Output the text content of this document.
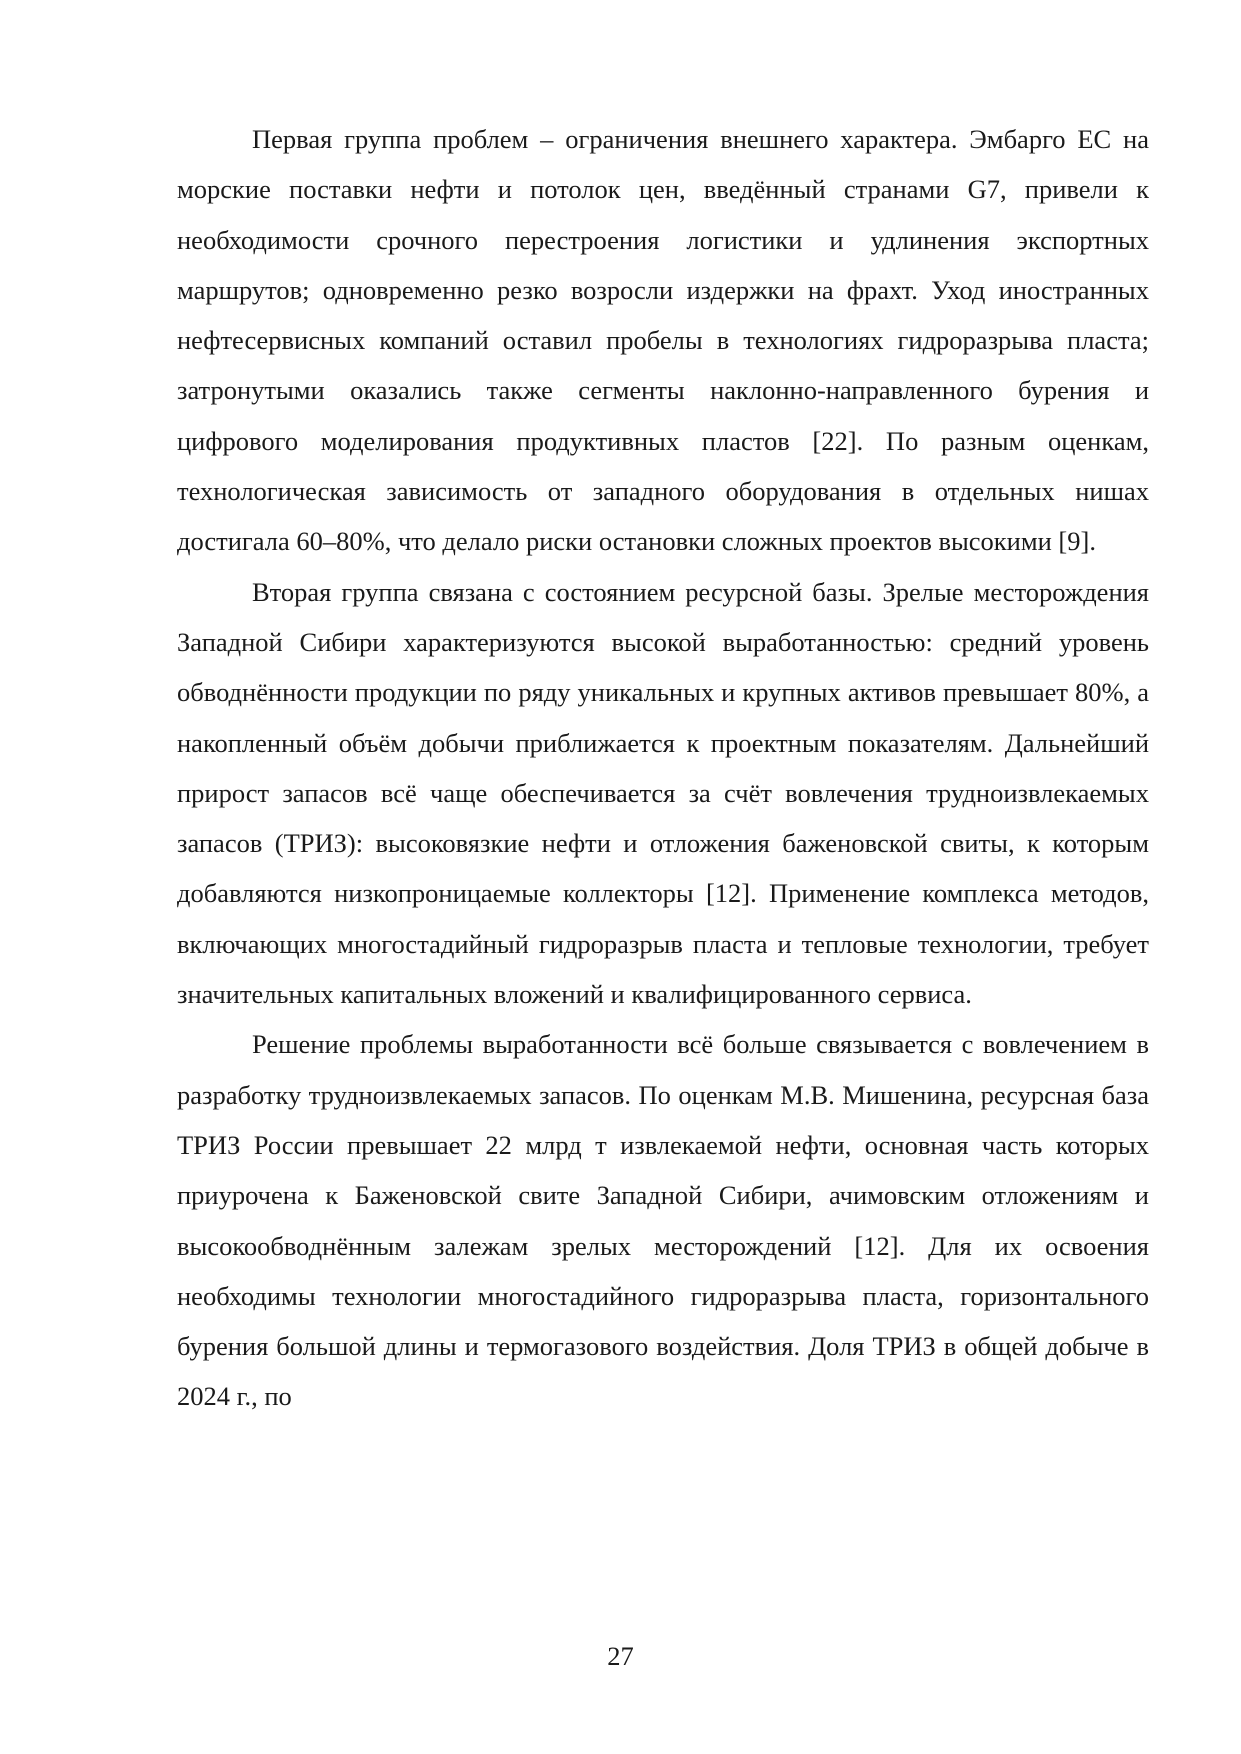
Первая группа проблем – ограничения внешнего характера. Эмбарго ЕС на морские поставки нефти и потолок цен, введённый странами G7, привели к необходимости срочного перестроения логистики и удлинения экспортных маршрутов; одновременно резко возросли издержки на фрахт. Уход иностранных нефтесервисных компаний оставил пробелы в технологиях гидроразрыва пласта; затронутыми оказались также сегменты наклонно-направленного бурения и цифрового моделирования продуктивных пластов [22]. По разным оценкам, технологическая зависимость от западного оборудования в отдельных нишах достигала 60–80%, что делало риски остановки сложных проектов высокими [9].

Вторая группа связана с состоянием ресурсной базы. Зрелые месторождения Западной Сибири характеризуются высокой выработанностью: средний уровень обводнённости продукции по ряду уникальных и крупных активов превышает 80%, а накопленный объём добычи приближается к проектным показателям. Дальнейший прирост запасов всё чаще обеспечивается за счёт вовлечения трудноизвлекаемых запасов (ТРИЗ): высоковязкие нефти и отложения баженовской свиты, к которым добавляются низкопроницаемые коллекторы [12]. Применение комплекса методов, включающих многостадийный гидроразрыв пласта и тепловые технологии, требует значительных капитальных вложений и квалифицированного сервиса.

Решение проблемы выработанности всё больше связывается с вовлечением в разработку трудноизвлекаемых запасов. По оценкам М.В. Мишенина, ресурсная база ТРИЗ России превышает 22 млрд т извлекаемой нефти, основная часть которых приурочена к Баженовской свите Западной Сибири, ачимовским отложениям и высокообводнённым залежам зрелых месторождений [12]. Для их освоения необходимы технологии многостадийного гидроразрыва пласта, горизонтального бурения большой длины и термогазового воздействия. Доля ТРИЗ в общей добыче в 2024 г., по

27
